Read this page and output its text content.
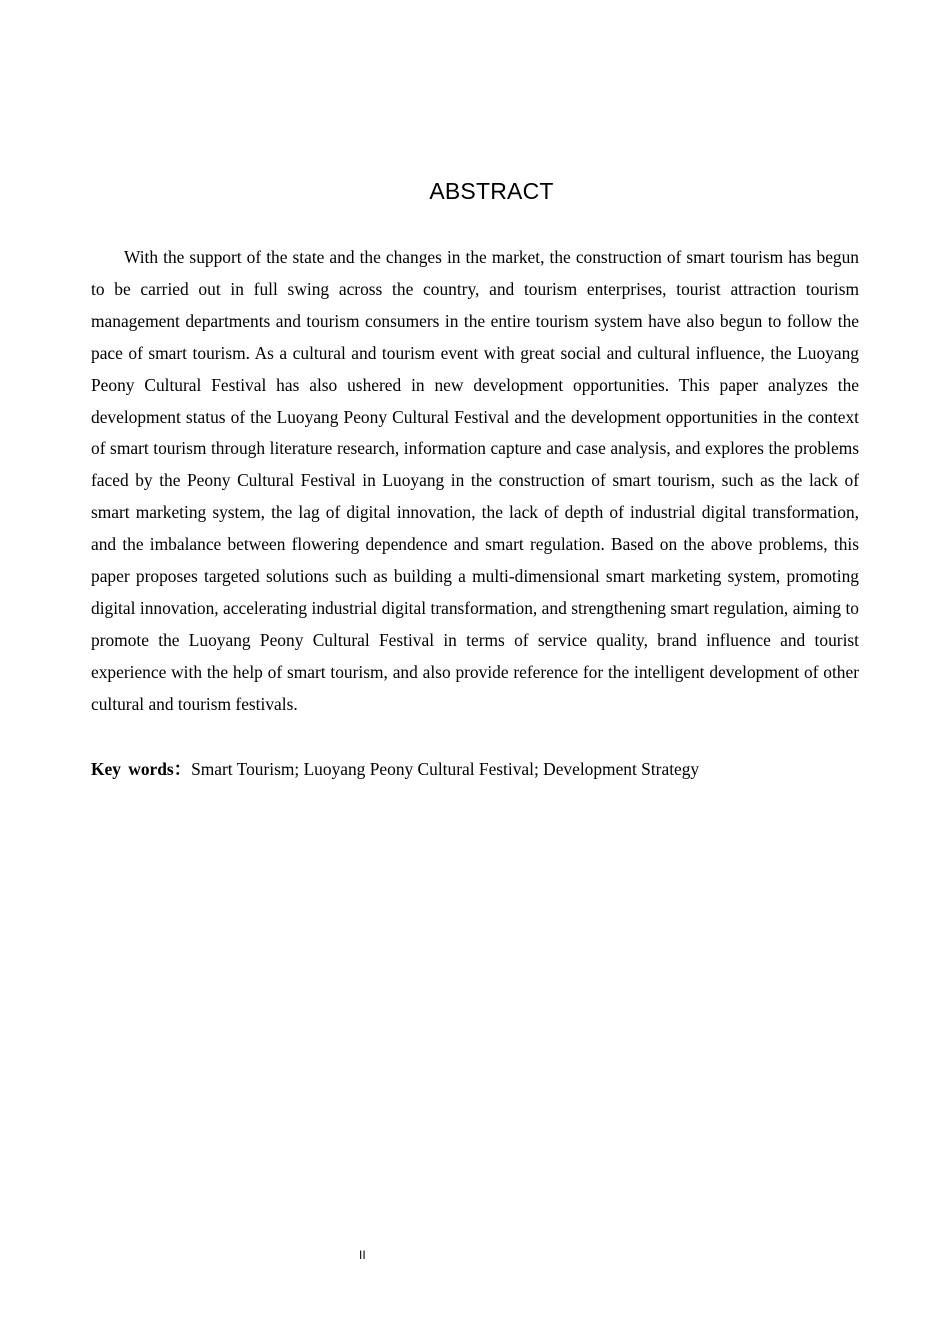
ABSTRACT

With the support of the state and the changes in the market, the construction of smart tourism has begun to be carried out in full swing across the country, and tourism enterprises, tourist attraction tourism management departments and tourism consumers in the entire tourism system have also begun to follow the pace of smart tourism. As a cultural and tourism event with great social and cultural influence, the Luoyang Peony Cultural Festival has also ushered in new development opportunities. This paper analyzes the development status of the Luoyang Peony Cultural Festival and the development opportunities in the context of smart tourism through literature research, information capture and case analysis, and explores the problems faced by the Peony Cultural Festival in Luoyang in the construction of smart tourism, such as the lack of smart marketing system, the lag of digital innovation, the lack of depth of industrial digital transformation, and the imbalance between flowering dependence and smart regulation. Based on the above problems, this paper proposes targeted solutions such as building a multi-dimensional smart marketing system, promoting digital innovation, accelerating industrial digital transformation, and strengthening smart regulation, aiming to promote the Luoyang Peony Cultural Festival in terms of service quality, brand influence and tourist experience with the help of smart tourism, and also provide reference for the intelligent development of other cultural and tourism festivals.

Key words：Smart Tourism; Luoyang Peony Cultural Festival; Development Strategy

II
